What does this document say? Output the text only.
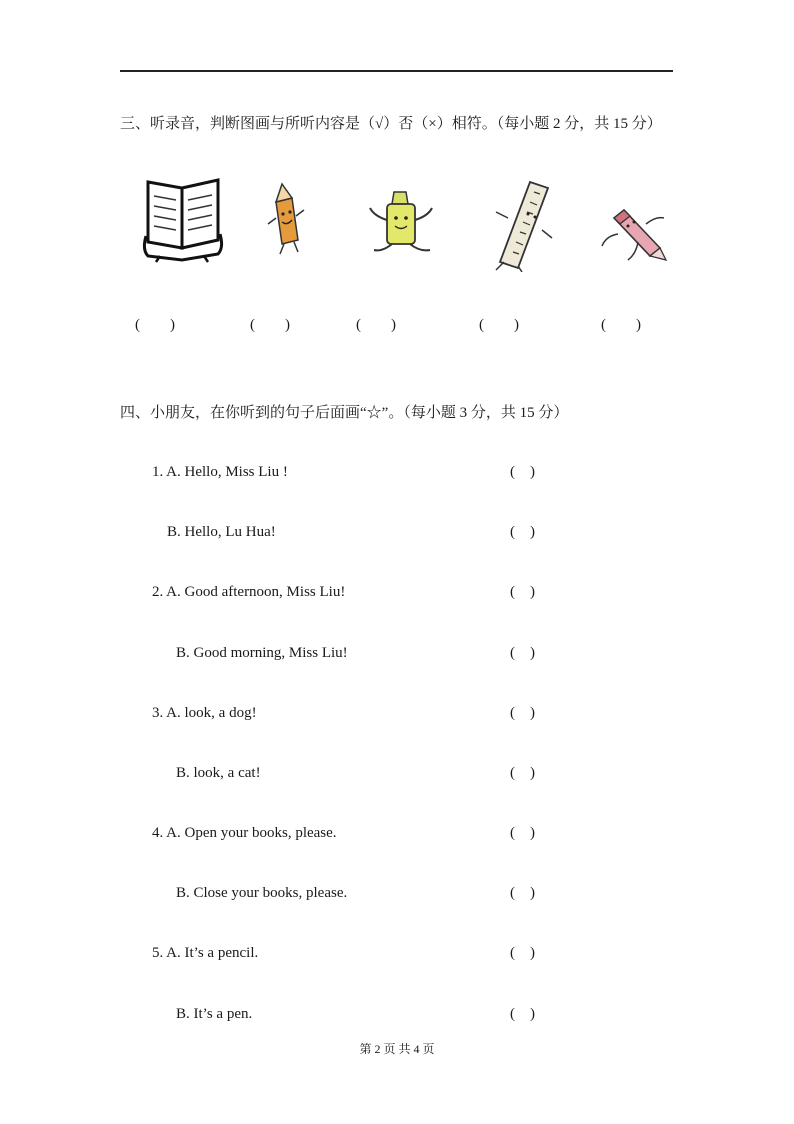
三、听录音，判断图画与所听内容是（√）否（×）相符。（每小题 2 分，共 15 分）
(        )	(        )	(        )	(        )	(        )
四、小朋友，在你听到的句子后面画“☆”。（每小题 3 分，共 15 分）
1. A. Hello, Miss Liu !	(    )
B. Hello, Lu Hua!	(    )
2. A. Good afternoon, Miss Liu!	(    )
B. Good morning, Miss Liu!	(    )
3. A. look, a dog!	(    )
B. look, a cat!	(    )
4. A. Open your books, please.	(    )
B. Close your books, please.	(    )
5. A. It’s a pencil.	(    )
B. It’s a pen.	(    )
第 2 页 共 4 页
